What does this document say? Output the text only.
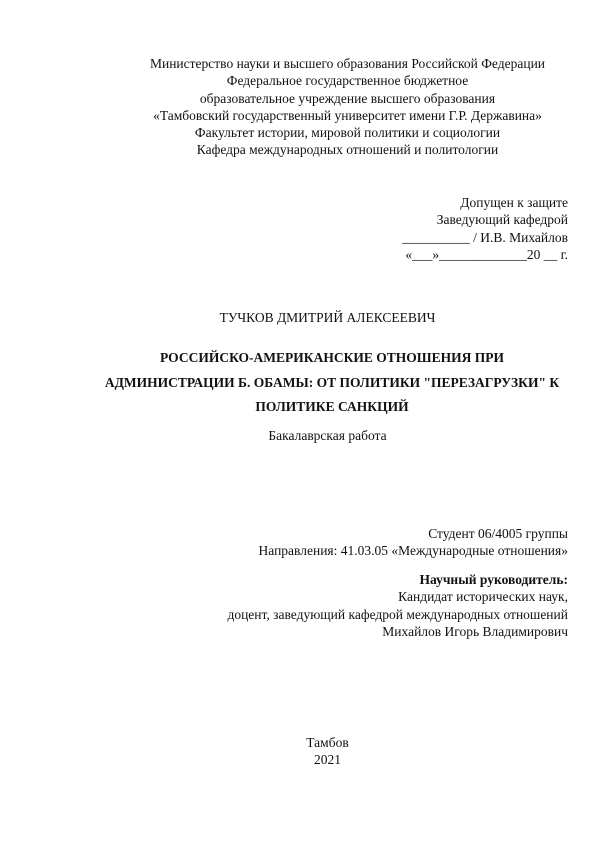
Министерство науки и высшего образования Российской Федерации
Федеральное государственное бюджетное
образовательное учреждение высшего образования
«Тамбовский государственный университет имени Г.Р. Державина»
Факультет истории, мировой политики и социологии
Кафедра международных отношений и политологии
Допущен к защите
Заведующий кафедрой
__________ / И.В. Михайлов
«___»_____________20 __ г.
ТУЧКОВ ДМИТРИЙ АЛЕКСЕЕВИЧ
РОССИЙСКО-АМЕРИКАНСКИЕ ОТНОШЕНИЯ ПРИ
АДМИНИСТРАЦИИ Б. ОБАМЫ: ОТ ПОЛИТИКИ "ПЕРЕЗАГРУЗКИ" К
ПОЛИТИКЕ САНКЦИЙ
Бакалаврская работа
Студент 06/4005 группы
Направления: 41.03.05 «Международные отношения»
Научный руководитель:
Кандидат исторических наук,
доцент, заведующий кафедрой международных отношений
Михайлов Игорь Владимирович
Тамбов
2021
